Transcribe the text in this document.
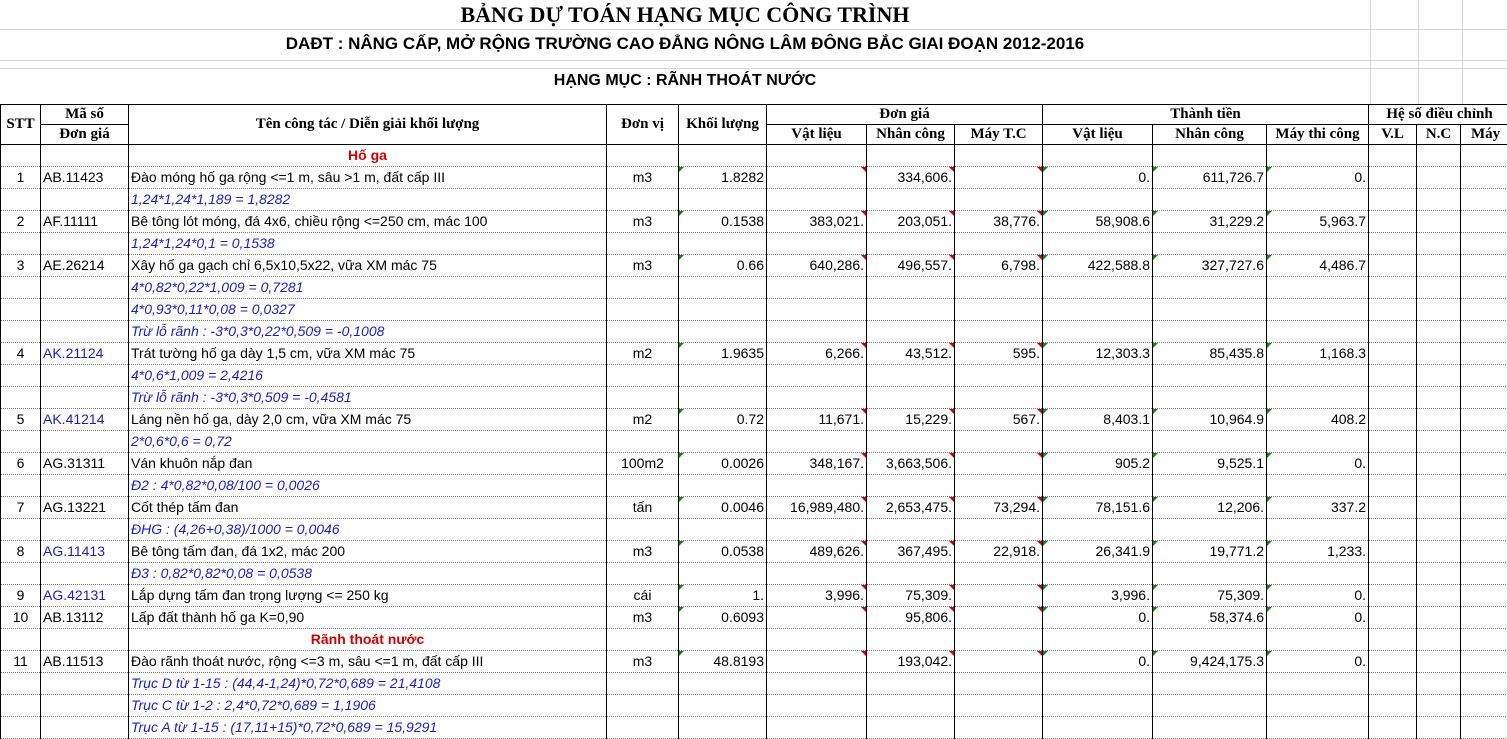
BẢNG DỰ TOÁN HẠNG MỤC CÔNG TRÌNH
DAĐT : NÂNG CẤP, MỞ RỘNG TRƯỜNG CAO ĐẲNG NÔNG LÂM ĐÔNG BẮC GIAI ĐOẠN 2012-2016
HẠNG MỤC : RÃNH THOÁT NƯỚC
STT	Mã số	Tên công tác / Diễn giải khối lượng	Đơn vị	Khối lượng	Đơn giá			Thành tiền			Hệ số điều chỉnh		
	Đơn giá				Vật liệu	Nhân công	Máy T.C	Vật liệu	Nhân công	Máy thi công	V.L	N.C	Máy
		Hố ga											
1	AB.11423	Đào móng hố ga rộng <=1 m, sâu >1 m, đất cấp III	m3	1.8282		334,606.		0.	611,726.7	0.			
		1,24*1,24*1,189 = 1,8282											
2	AF.11111	Bê tông lót móng, đá 4x6, chiều rộng <=250 cm, mác 100	m3	0.1538	383,021.	203,051.	38,776.	58,908.6	31,229.2	5,963.7			
		1,24*1,24*0,1 = 0,1538											
3	AE.26214	Xây hố ga gạch chỉ 6,5x10,5x22, vữa XM mác 75	m3	0.66	640,286.	496,557.	6,798.	422,588.8	327,727.6	4,486.7			
		4*0,82*0,22*1,009 = 0,7281											
		4*0,93*0,11*0,08 = 0,0327											
		Trừ lỗ rãnh : -3*0,3*0,22*0,509 = -0,1008											
4	AK.21124	Trát tường hố ga dày 1,5 cm, vữa XM mác 75	m2	1.9635	6,266.	43,512.	595.	12,303.3	85,435.8	1,168.3			
		4*0,6*1,009 = 2,4216											
		Trừ lỗ rãnh : -3*0,3*0,509 = -0,4581											
5	AK.41214	Láng nền hố ga, dày 2,0 cm, vữa XM mác 75	m2	0.72	11,671.	15,229.	567.	8,403.1	10,964.9	408.2			
		2*0,6*0,6 = 0,72											
6	AG.31311	Ván khuôn nắp đan	100m2	0.0026	348,167.	3,663,506.		905.2	9,525.1	0.			
		Đ2 : 4*0,82*0,08/100 = 0,0026											
7	AG.13221	Cốt thép tấm đan	tấn	0.0046	16,989,480.	2,653,475.	73,294.	78,151.6	12,206.	337.2			
		ĐHG : (4,26+0,38)/1000 = 0,0046											
8	AG.11413	Bê tông tấm đan, đá 1x2, mác 200	m3	0.0538	489,626.	367,495.	22,918.	26,341.9	19,771.2	1,233.			
		Đ3 : 0,82*0,82*0,08 = 0,0538											
9	AG.42131	Lắp dựng tấm đan trọng lượng <= 250 kg	cái	1.	3,996.	75,309.		3,996.	75,309.	0.			
10	AB.13112	Lấp đất thành hố ga K=0,90	m3	0.6093		95,806.		0.	58,374.6	0.			
		Rãnh thoát nước											
11	AB.11513	Đào rãnh thoát nước, rộng <=3 m, sâu <=1 m, đất cấp III	m3	48.8193		193,042.		0.	9,424,175.3	0.			
		Trục D từ 1-15 : (44,4-1,24)*0,72*0,689 = 21,4108											
		Trục C từ 1-2 : 2,4*0,72*0,689 = 1,1906											
		Trục A từ 1-15 : (17,11+15)*0,72*0,689 = 15,9291											
